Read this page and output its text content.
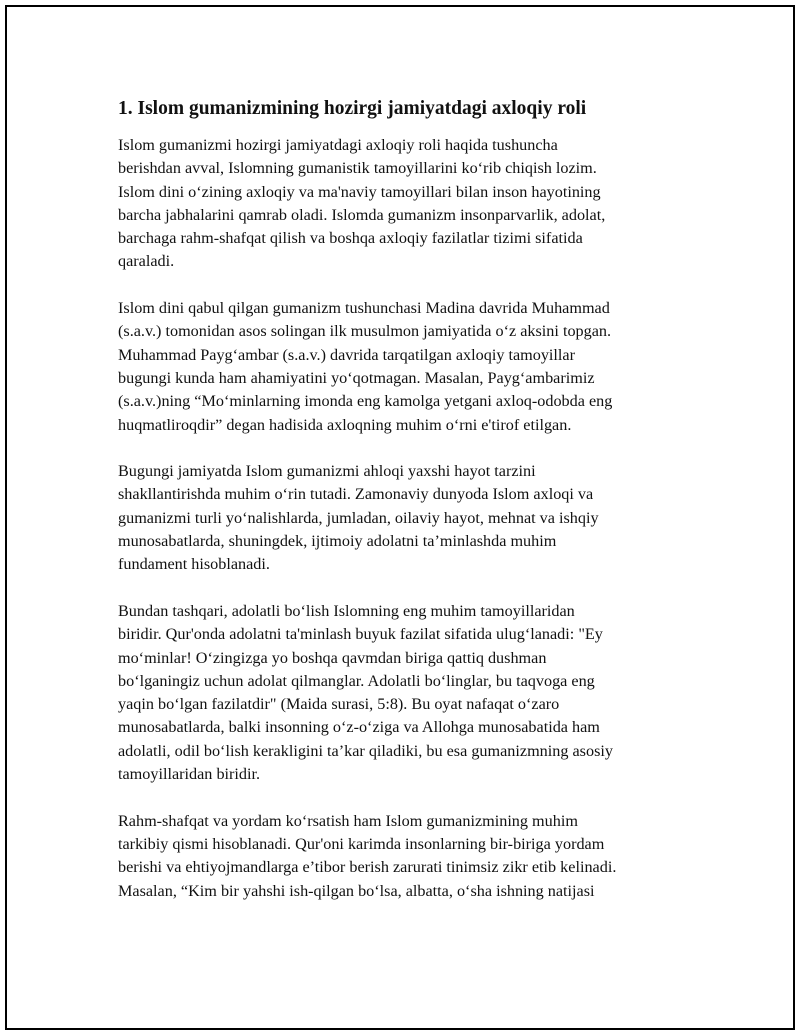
1. Islom gumanizmining hozirgi jamiyatdagi axloqiy roli

Islom gumanizmi hozirgi jamiyatdagi axloqiy roli haqida tushuncha
berishdan avval, Islomning gumanistik tamoyillarini ko‘rib chiqish lozim.
Islom dini o‘zining axloqiy va ma'naviy tamoyillari bilan inson hayotining
barcha jabhalarini qamrab oladi. Islomda gumanizm insonparvarlik, adolat,
barchaga rahm-shafqat qilish va boshqa axloqiy fazilatlar tizimi sifatida
qaraladi.

Islom dini qabul qilgan gumanizm tushunchasi Madina davrida Muhammad
(s.a.v.) tomonidan asos solingan ilk musulmon jamiyatida o‘z aksini topgan.
Muhammad Payg‘ambar (s.a.v.) davrida tarqatilgan axloqiy tamoyillar
bugungi kunda ham ahamiyatini yo‘qotmagan. Masalan, Payg‘ambarimiz
(s.a.v.)ning “Mo‘minlarning imonda eng kamolga yetgani axloq-odobda eng
huqmatliroqdir” degan hadisida axloqning muhim o‘rni e'tirof etilgan.

Bugungi jamiyatda Islom gumanizmi ahloqi yaxshi hayot tarzini
shakllantirishda muhim o‘rin tutadi. Zamonaviy dunyoda Islom axloqi va
gumanizmi turli yo‘nalishlarda, jumladan, oilaviy hayot, mehnat va ishqiy
munosabatlarda, shuningdek, ijtimoiy adolatni ta’minlashda muhim
fundament hisoblanadi.

Bundan tashqari, adolatli bo‘lish Islomning eng muhim tamoyillaridan
biridir. Qur'onda adolatni ta'minlash buyuk fazilat sifatida ulug‘lanadi: "Ey
mo‘minlar! O‘zingizga yo boshqa qavmdan biriga qattiq dushman
bo‘lganingiz uchun adolat qilmanglar. Adolatli bo‘linglar, bu taqvoga eng
yaqin bo‘lgan fazilatdir" (Maida surasi, 5:8). Bu oyat nafaqat o‘zaro
munosabatlarda, balki insonning o‘z-o‘ziga va Allohga munosabatida ham
adolatli, odil bo‘lish kerakligini ta’kar qiladiki, bu esa gumanizmning asosiy
tamoyillaridan biridir.

Rahm-shafqat va yordam ko‘rsatish ham Islom gumanizmining muhim
tarkibiy qismi hisoblanadi. Qur'oni karimda insonlarning bir-biriga yordam
berishi va ehtiyojmandlarga e’tibor berish zarurati tinimsiz zikr etib kelinadi.
Masalan, “Kim bir yahshi ish-qilgan bo‘lsa, albatta, o‘sha ishning natijasi
